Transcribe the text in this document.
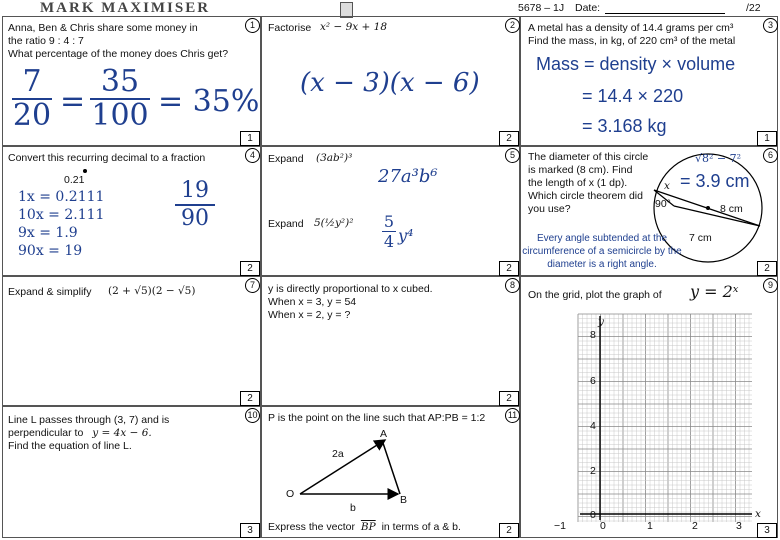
MARK MAXIMISER	5678 – 1J Date:	/22
1
Anna, Ben & Chris share some money in
the ratio 9 : 4 : 7
What percentage of the money does Chris get?
7
20 =
35
100 = 35%
1
2
Factorise x² − 9x + 18
(x − 3)(x − 6)
2
3
A metal has a density of 14.4 grams per cm³
Find the mass, in kg, of 220 cm³ of the metal
Mass = density × volume
= 14.4 × 220
= 3.168 kg
1
4
Convert this recurring decimal to a fraction
0.21
1x = 0.2111
10x = 2.111
9x = 1.9
90x = 19
19
90
2
5
Expand (3ab²)³
27a³b⁶
Expand 5(½y²)² 5
4 y⁴
2
6
The diameter of this circle
is marked (8 cm). Find
the length of x (1 dp).
Which circle theorem did
you use?
√8² − 7²
= 3.9 cm
x
90°	8 cm
7 cm
Every angle subtended at the
circumference of a semicircle by the
diameter is a right angle.	2
7
Expand & simplify (2 + √5)(2 − √5)
2
8
y is directly proportional to x cubed.
When x = 3, y = 54
When x = 2, y = ?
2
9
On the grid, plot the graph of y = 2ˣ
y
x
8
6
4
2
0
−1	0	1	2	3	3
10
Line L passes through (3, 7) and is
perpendicular to y = 4x − 6.
Find the equation of line L.
3
11
P is the point on the line such that AP:PB = 1:2
A
2a
O	B
b
Express the vector $\overline{BP}$ in terms of a & b.	2
